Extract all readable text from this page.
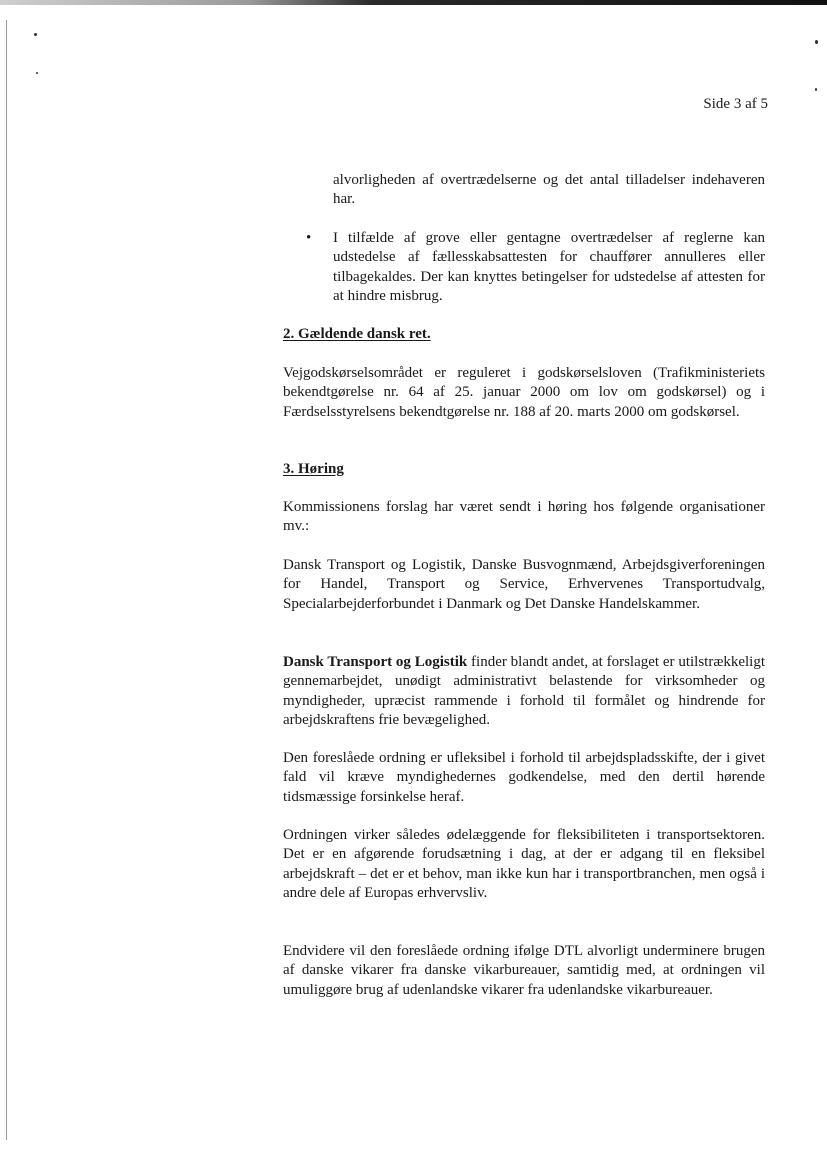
Side 3 af 5

alvorligheden af overtrædelserne og det antal tilladelser indehaveren har.

• I tilfælde af grove eller gentagne overtrædelser af reglerne kan udstedelse af fællesskabsattesten for chauffører annulleres eller tilbagekaldes. Der kan knyttes betingelser for udstedelse af attesten for at hindre misbrug.

2. Gældende dansk ret.

Vejgodskørselsområdet er reguleret i godskørselsloven (Trafikministeriets bekendtgørelse nr. 64 af 25. januar 2000 om lov om godskørsel) og i Færdselsstyrelsens bekendtgørelse nr. 188 af 20. marts 2000 om godskørsel.

3. Høring

Kommissionens forslag har været sendt i høring hos følgende organisationer mv.:

Dansk Transport og Logistik, Danske Busvognmænd, Arbejdsgiverforeningen for Handel, Transport og Service, Erhvervenes Transportudvalg, Specialarbejderforbundet i Danmark og Det Danske Handelskammer.

Dansk Transport og Logistik finder blandt andet, at forslaget er utilstrækkeligt gennemarbejdet, unødigt administrativt belastende for virksomheder og myndigheder, upræcist rammende i forhold til formålet og hindrende for arbejdskraftens frie bevægelighed.

Den foreslåede ordning er ufleksibel i forhold til arbejdspladsskifte, der i givet fald vil kræve myndighedernes godkendelse, med den dertil hørende tidsmæssige forsinkelse heraf.

Ordningen virker således ødelæggende for fleksibiliteten i transportsektoren. Det er en afgørende forudsætning i dag, at der er adgang til en fleksibel arbejdskraft – det er et behov, man ikke kun har i transportbranchen, men også i andre dele af Europas erhvervsliv.

Endvidere vil den foreslåede ordning ifølge DTL alvorligt underminere brugen af danske vikarer fra danske vikarbureauer, samtidig med, at ordningen vil umuliggøre brug af udenlandske vikarer fra udenlandske vikarbureauer.
